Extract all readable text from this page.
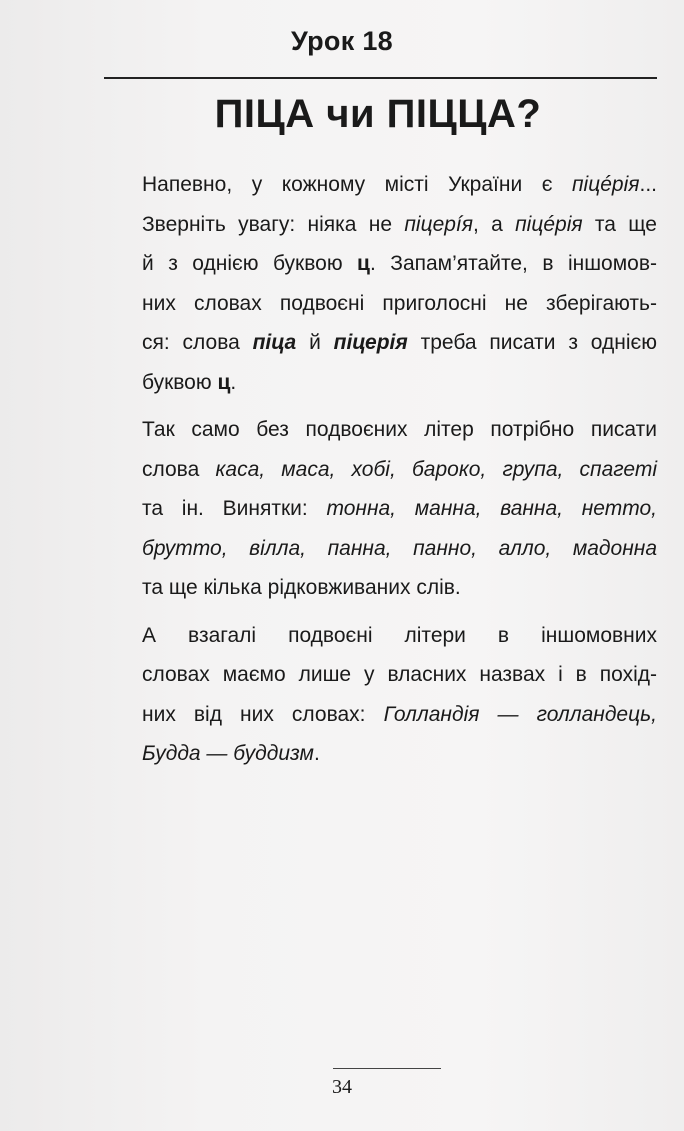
Урок 18
ПІЦА чи ПІЦЦА?

Напевно, у кожному місті України є піцéрія...
Зверніть увагу: ніяка не піцерíя, а піцéрія та ще
й з однією буквою ц. Запам’ятайте, в іншомов-
них словах подвоєні приголосні не зберігають-
ся: слова піца й піцерія треба писати з однією
буквою ц.

Так само без подвоєних літер потрібно писати
слова каса, маса, хобі, бароко, група, спагеті
та ін. Винятки: тонна, манна, ванна, нетто,
брутто, вілла, панна, панно, алло, мадонна
та ще кілька рідковживаних слів.

А взагалі подвоєні літери в іншомовних
словах маємо лише у власних назвах і в похід-
них від них словах: Голландія — голландець,
Будда — буддизм.

34
